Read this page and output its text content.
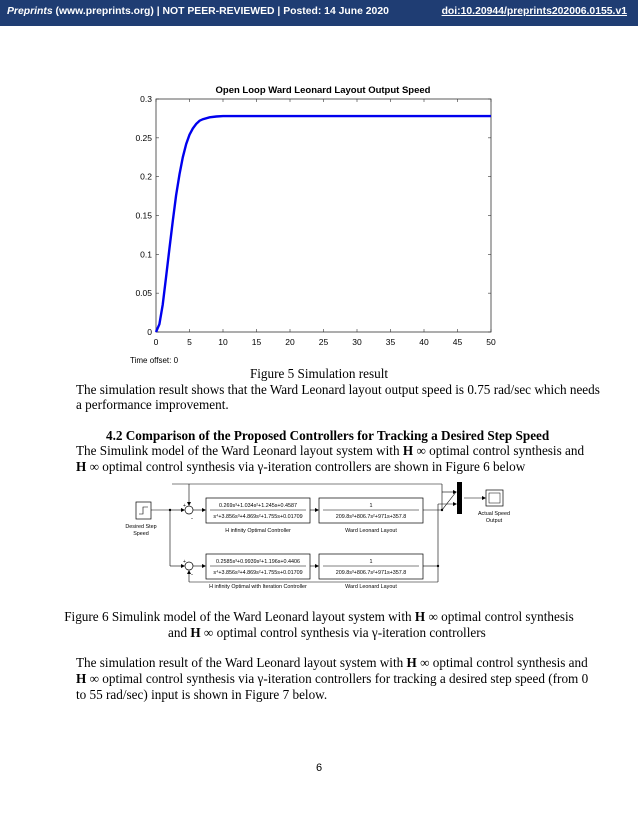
Preprints (www.preprints.org) | NOT PEER-REVIEWED | Posted: 14 June 2020	doi:10.20944/preprints202006.0155.v1
Open Loop Ward Leonard Layout Output Speed
0	5	10	15	20	25	30	35	40	45	50
0
0.05
0.1
0.15
0.2
0.25
0.3
Time offset: 0
Figure 5 Simulation result
The simulation result shows that the Ward Leonard layout output speed is 0.75 rad/sec which needs
a performance improvement.
4.2 Comparison of the Proposed Controllers for Tracking a Desired Step Speed
The Simulink model of the Ward Leonard layout system with H ∞ optimal control synthesis and
H ∞ optimal control synthesis via γ-iteration controllers are shown in Figure 6 below
Desired Step
Speed
+
-
+
-
0.269s³+1.034s²+1.245s+0.4587
s⁴+3.856s³+4.869s²+1.755s+0.01709
H infinity Optimal Controller
0.2585s³+0.9939s²+1.196s+0.4406
s⁴+3.856s³+4.869s²+1.755s+0.01709
H infinity Optimal with Iteration Controller
1
209.8s³+806.7s²+971s+357.8
Ward Leonard Layout
1
209.8s³+806.7s²+971s+357.8
Ward Leonard Layout
Actual Speed
Output
Figure 6 Simulink model of the Ward Leonard layout system with H ∞ optimal control synthesis
and H ∞ optimal control synthesis via γ-iteration controllers
The simulation result of the Ward Leonard layout system with H ∞ optimal control synthesis and
H ∞ optimal control synthesis via γ-iteration controllers for tracking a desired step speed (from 0
to 55 rad/sec) input is shown in Figure 7 below.
6
